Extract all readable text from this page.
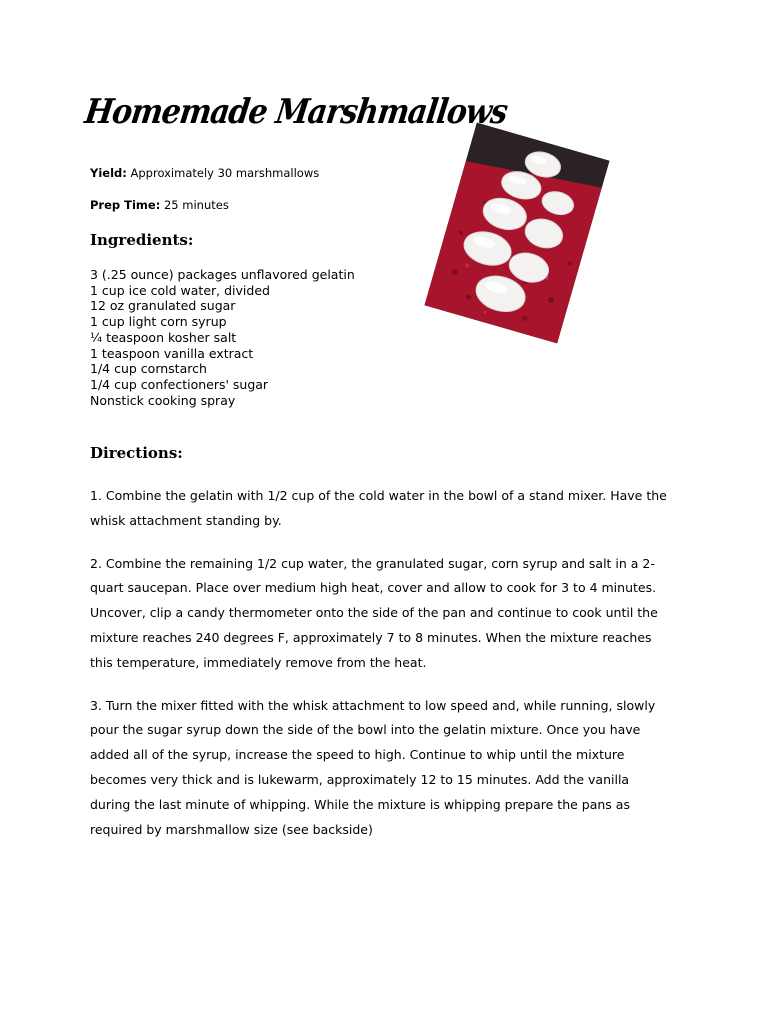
Homemade Marshmallows
Yield: Approximately 30 marshmallows
Prep Time: 25 minutes
Ingredients:
3 (.25 ounce) packages unflavored gelatin
1 cup ice cold water, divided
12 oz granulated sugar
1 cup light corn syrup
¼ teaspoon kosher salt
1 teaspoon vanilla extract
1/4 cup cornstarch
1/4 cup confectioners' sugar
Nonstick cooking spray
Directions:

1. Combine the gelatin with 1/2 cup of the cold water in the bowl of a stand mixer. Have the
whisk attachment standing by.

2. Combine the remaining 1/2 cup water, the granulated sugar, corn syrup and salt in a 2-
quart saucepan. Place over medium high heat, cover and allow to cook for 3 to 4 minutes.
Uncover, clip a candy thermometer onto the side of the pan and continue to cook until the
mixture reaches 240 degrees F, approximately 7 to 8 minutes. When the mixture reaches
this temperature, immediately remove from the heat.

3. Turn the mixer fitted with the whisk attachment to low speed and, while running, slowly
pour the sugar syrup down the side of the bowl into the gelatin mixture. Once you have
added all of the syrup, increase the speed to high. Continue to whip until the mixture
becomes very thick and is lukewarm, approximately 12 to 15 minutes. Add the vanilla
during the last minute of whipping. While the mixture is whipping prepare the pans as
required by marshmallow size (see backside)
